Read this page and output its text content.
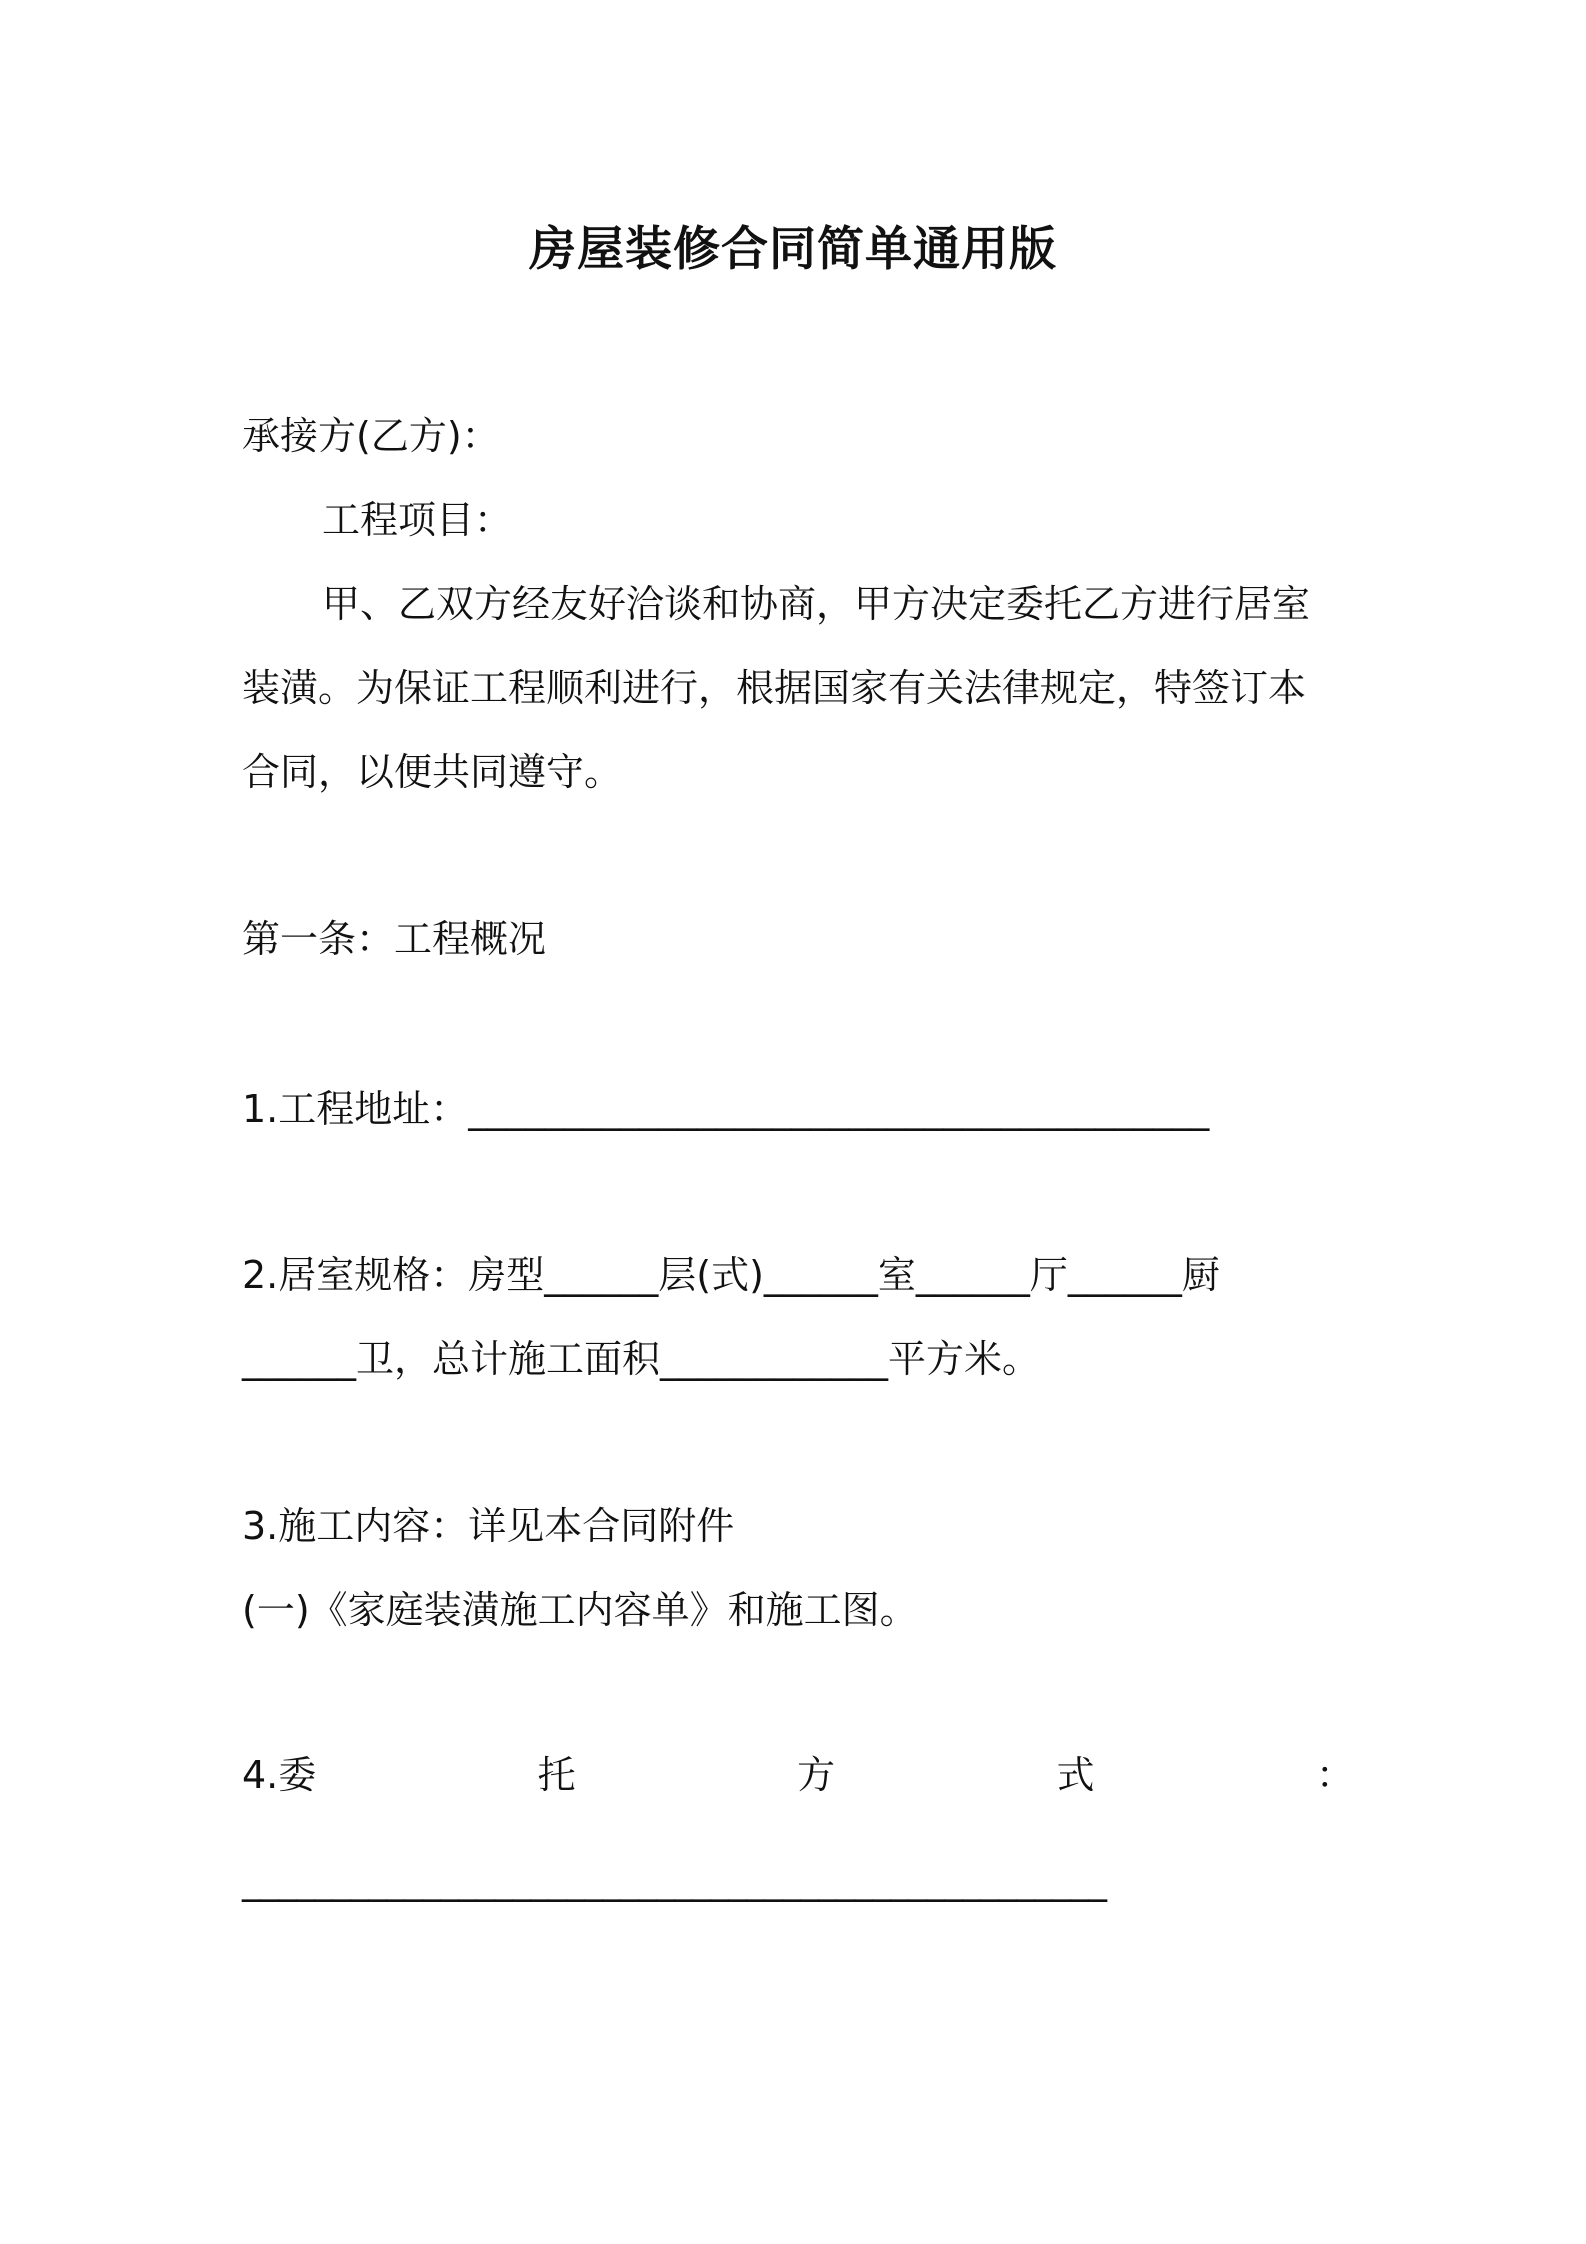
房屋装修合同简单通用版
承接方(乙方)：
工程项目：
甲、乙双方经友好洽谈和协商，甲方决定委托乙方进行居室
装潢。为保证工程顺利进行，根据国家有关法律规定，特签订本
合同，以便共同遵守。
第一条：工程概况
1.工程地址：_______________________________________
2.居室规格：房型______层(式)______室______厅______厨
______卫，总计施工面积____________平方米。
3.施工内容：详见本合同附件
(一)《家庭装潢施工内容单》和施工图。
4.委	托	方	式	：
________________________________________________
